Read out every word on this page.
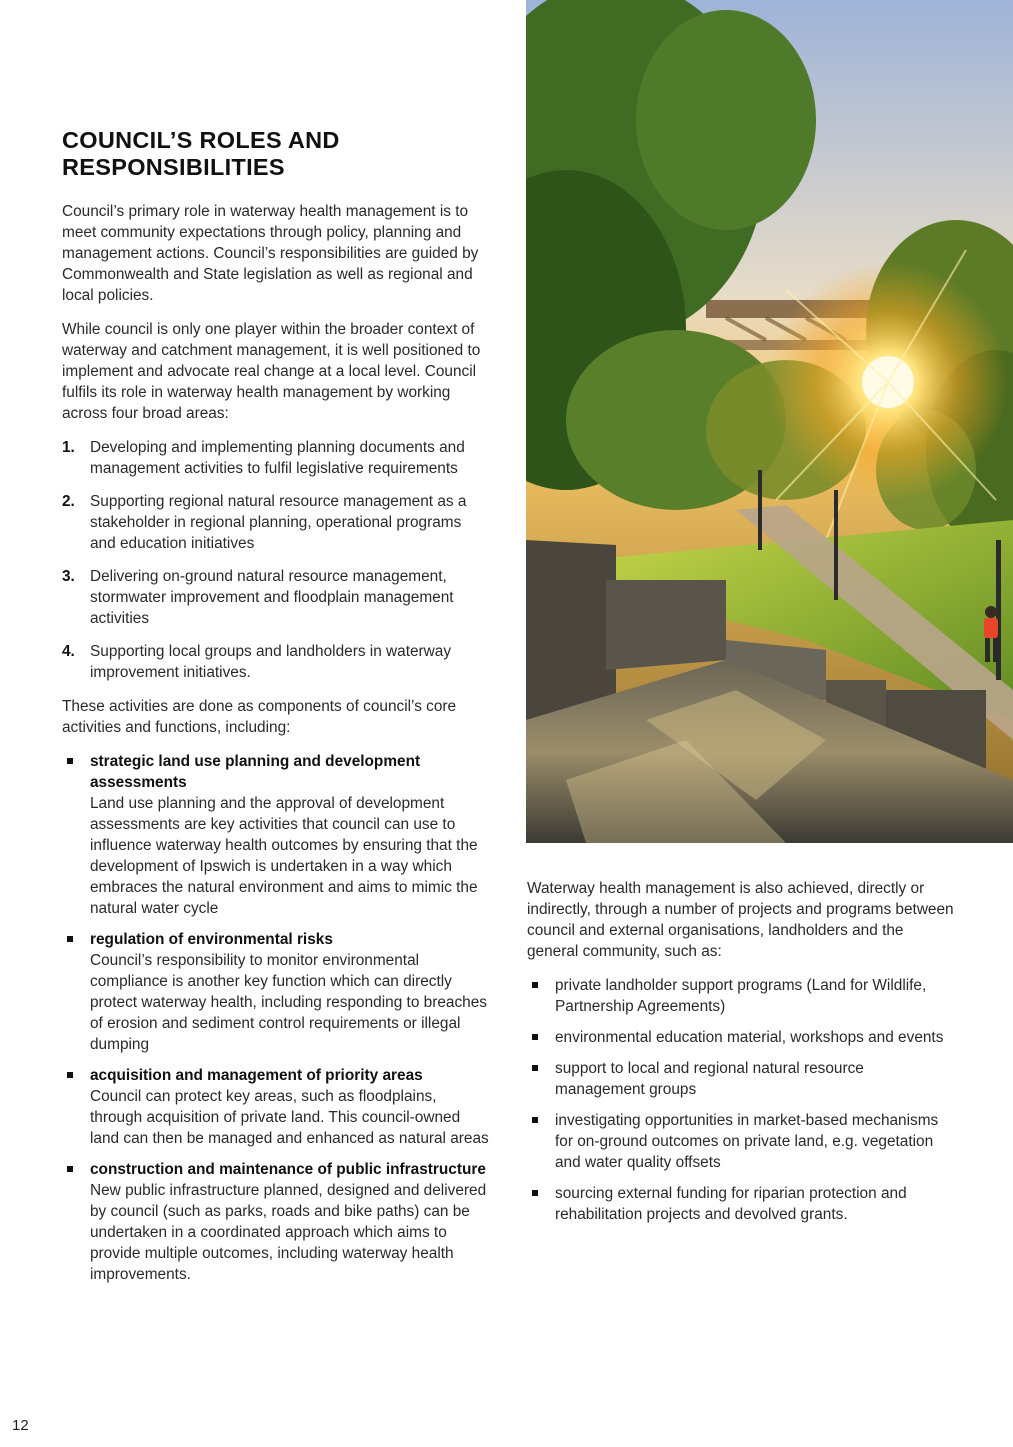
COUNCIL’S ROLES AND RESPONSIBILITIES

Council’s primary role in waterway health management is to meet community expectations through policy, planning and management actions. Council’s responsibilities are guided by Commonwealth and State legislation as well as regional and local policies.

While council is only one player within the broader context of waterway and catchment management, it is well positioned to implement and advocate real change at a local level. Council fulfils its role in waterway health management by working across four broad areas:

1. Developing and implementing planning documents and management activities to fulfil legislative requirements
2. Supporting regional natural resource management as a stakeholder in regional planning, operational programs and education initiatives
3. Delivering on-ground natural resource management, stormwater improvement and floodplain management activities
4. Supporting local groups and landholders in waterway improvement initiatives.

These activities are done as components of council’s core activities and functions, including:

strategic land use planning and development assessments
Land use planning and the approval of development assessments are key activities that council can use to influence waterway health outcomes by ensuring that the development of Ipswich is undertaken in a way which embraces the natural environment and aims to mimic the natural water cycle
regulation of environmental risks
Council’s responsibility to monitor environmental compliance is another key function which can directly protect waterway health, including responding to breaches of erosion and sediment control requirements or illegal dumping
acquisition and management of priority areas
Council can protect key areas, such as floodplains, through acquisition of private land. This council-owned land can then be managed and enhanced as natural areas
construction and maintenance of public infrastructure
New public infrastructure planned, designed and delivered by council (such as parks, roads and bike paths) can be undertaken in a coordinated approach which aims to provide multiple outcomes, including waterway health improvements.

Waterway health management is also achieved, directly or indirectly, through a number of projects and programs between council and external organisations, landholders and the general community, such as:

private landholder support programs (Land for Wildlife, Partnership Agreements)
environmental education material, workshops and events
support to local and regional natural resource management groups
investigating opportunities in market-based mechanisms for on-ground outcomes on private land, e.g. vegetation and water quality offsets
sourcing external funding for riparian protection and rehabilitation projects and devolved grants.
12
